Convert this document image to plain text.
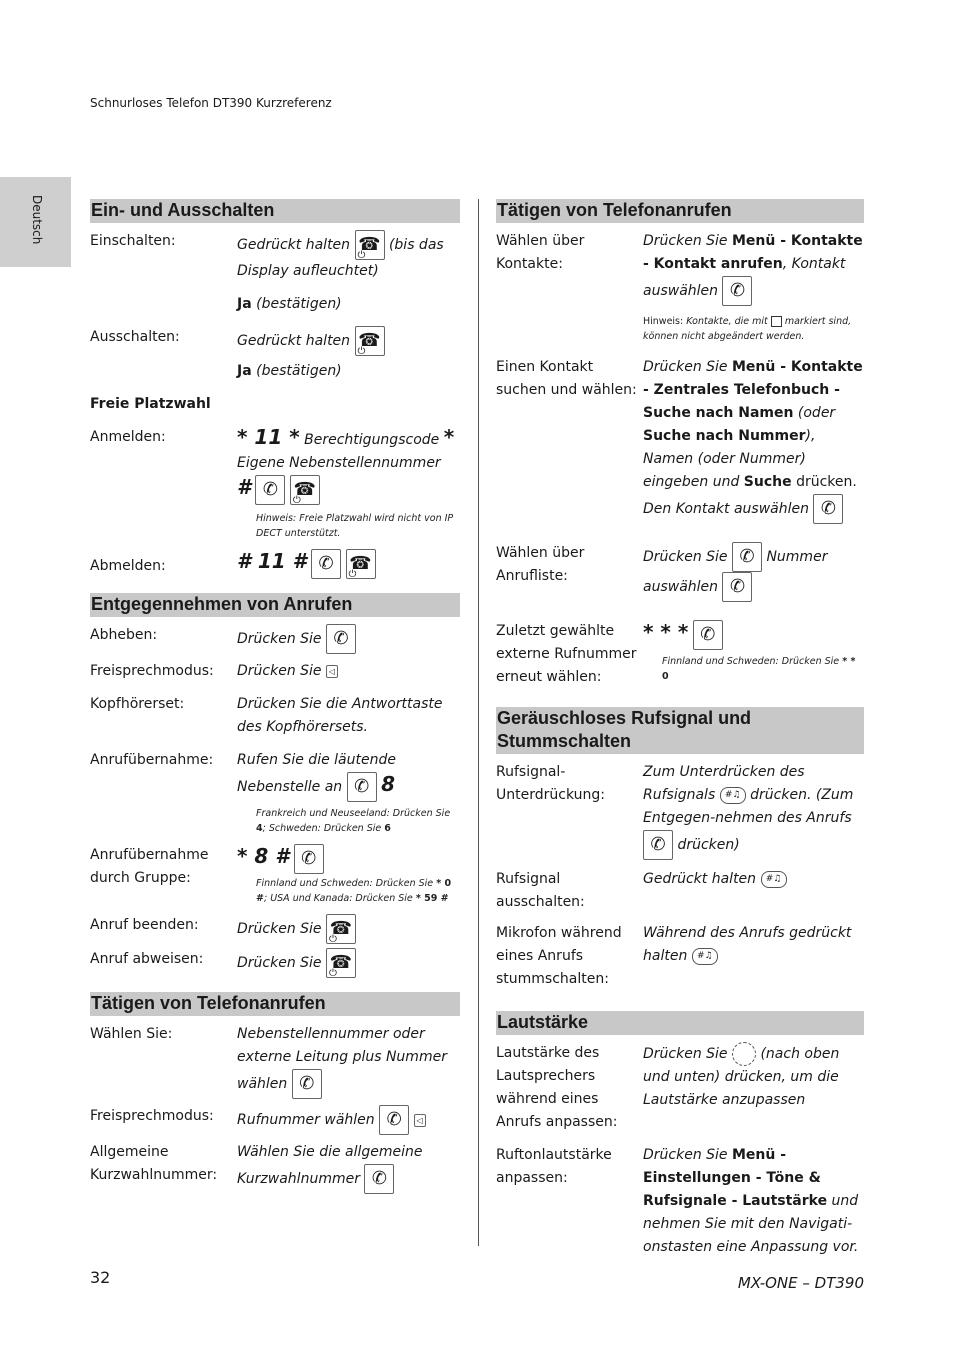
Schnurloses Telefon DT390 Kurzreferenz
Deutsch	Ein- und Ausschalten
Einschalten:	Gedrückt halten ☎ ⏻ (bis das Display aufleuchtet)
Ja (bestätigen)
Ausschalten:	Gedrückt halten ☎ ⏻
Ja (bestätigen)
Freie Platzwahl
Anmelden:	* 11 * Berechtigungscode *
Eigene Nebenstellennummer
# ✆ ☎ ⏻
Hinweis: Freie Platzwahl wird nicht von IP DECT unterstützt.
Abmelden:	# 11 # ✆ ☎ ⏻
Entgegennehmen von Anrufen
Abheben:	Drücken Sie ✆
Freisprechmodus:	Drücken Sie ◁
Kopfhörerset:	Drücken Sie die Antworttaste des Kopfhörersets.
Anrufübernahme:	Rufen Sie die läutende Nebenstelle an ✆ 8
Frankreich und Neuseeland: Drücken Sie 4; Schweden: Drücken Sie 6
Anrufübernahme durch Gruppe:
* 8 # ✆
Finnland und Schweden: Drücken Sie * 0 #; USA und Kanada: Drücken Sie * 59 #
Anruf beenden:	Drücken Sie ☎ ⏻
Anruf abweisen:	Drücken Sie ☎ ⏻
Tätigen von Telefonanrufen
Wählen Sie:	Nebenstellennummer oder externe Leitung plus Nummer wählen ✆
Freisprechmodus:	Rufnummer wählen ✆ ◁
Allgemeine Kurzwahlnummer:
Wählen Sie die allgemeine Kurzwahlnummer ✆
Tätigen von Telefonanrufen
Wählen über Kontakte:
Drücken Sie Menü - Kontakte - Kontakt anrufen, Kontakt auswählen ✆
Hinweis: Kontakte, die mit markiert sind, können nicht abgeändert werden.
Einen Kontakt suchen und wählen:
Drücken Sie Menü - Kontakte - Zentrales Telefonbuch - Suche nach Namen (oder Suche nach Nummer), Namen (oder Nummer) eingeben und Suche drücken. Den Kontakt auswählen ✆
Wählen über Anrufliste:
Drücken Sie ✆ Nummer auswählen ✆
Zuletzt gewählte externe Rufnummer erneut wählen:
* * * ✆
Finnland und Schweden: Drücken Sie * * 0
Geräuschloses Rufsignal und Stummschalten
Rufsignal-Unterdrückung:
Zum Unterdrücken des Rufsignals #♫ drücken. (Zum Entgegen-nehmen des Anrufs ✆ drücken)
Rufsignal ausschalten:
Gedrückt halten #♫
Mikrofon während eines Anrufs stummschalten:
Während des Anrufs gedrückt halten #♫
Lautstärke
Lautstärke des Lautsprechers während eines Anrufs anpassen:
Drücken Sie (nach oben und unten) drücken, um die Lautstärke anzupassen
Ruftonlautstärke anpassen:
Drücken Sie Menü - Einstellungen - Töne & Rufsignale - Lautstärke und nehmen Sie mit den Navigati-onstasten eine Anpassung vor.
32	MX-ONE – DT390
